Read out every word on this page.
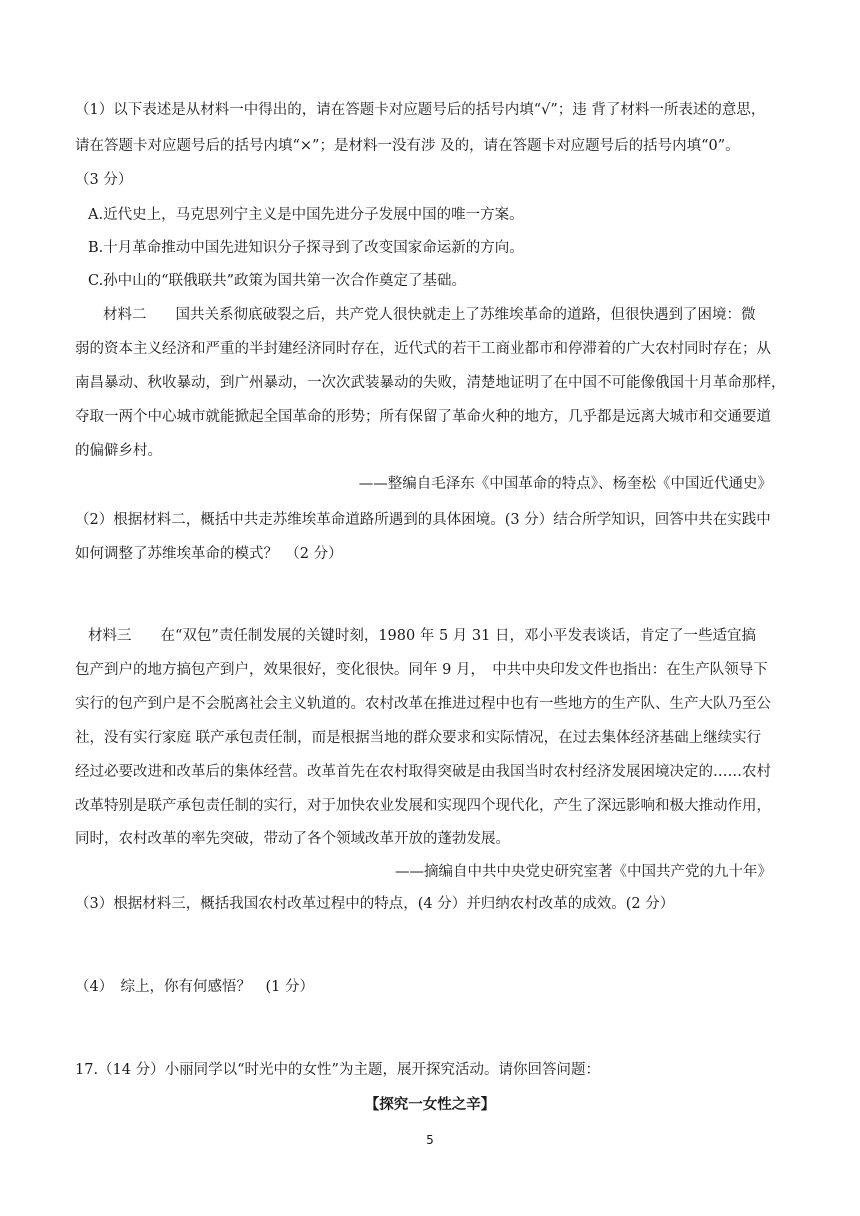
（1）以下表述是从材料一中得出的，请在答题卡对应题号后的括号内填“√”；违 背了材料一所表述的意思，
请在答题卡对应题号后的括号内填“×”；是材料一没有涉 及的，请在答题卡对应题号后的括号内填“0”。
（3 分）
A.近代史上，马克思列宁主义是中国先进分子发展中国的唯一方案。
B.十月革命推动中国先进知识分子探寻到了改变国家命运新的方向。
C.孙中山的“联俄联共”政策为国共第一次合作奠定了基础。
材料二　　国共关系彻底破裂之后，共产党人很快就走上了苏维埃革命的道路，但很快遇到了困境：微
弱的资本主义经济和严重的半封建经济同时存在，近代式的若干工商业都市和停滞着的广大农村同时存在；从
南昌暴动、秋收暴动，到广州暴动，一次次武装暴动的失败，清楚地证明了在中国不可能像俄国十月革命那样，
夺取一两个中心城市就能掀起全国革命的形势；所有保留了革命火种的地方，几乎都是远离大城市和交通要道
的偏僻乡村。
——整编自毛泽东《中国革命的特点》、杨奎松《中国近代通史》
（2）根据材料二，概括中共走苏维埃革命道路所遇到的具体困境。(3 分）结合所学知识，回答中共在实践中
如何调整了苏维埃革命的模式？　（2 分）
材料三　　在“双包”责任制发展的关键时刻，1980 年 5 月 31 日，邓小平发表谈话，肯定了一些适宜搞
包产到户的地方搞包产到户，效果很好，变化很快。同年 9 月，　中共中央印发文件也指出：在生产队领导下
实行的包产到户是不会脱离社会主义轨道的。农村改革在推进过程中也有一些地方的生产队、生产大队乃至公
社，没有实行家庭 联产承包责任制，而是根据当地的群众要求和实际情况，在过去集体经济基础上继续实行
经过必要改进和改革后的集体经营。改革首先在农村取得突破是由我国当时农村经济发展困境决定的……农村
改革特别是联产承包责任制的实行，对于加快农业发展和实现四个现代化，产生了深远影响和极大推动作用，
同时，农村改革的率先突破，带动了各个领域改革开放的蓬勃发展。
——摘编自中共中央党史研究室著《中国共产党的九十年》
（3）根据材料三，概括我国农村改革过程中的特点，(4 分）并归纳农村改革的成效。(2 分）
（4）　综上，你有何感悟？　(1 分）
17.（14 分）小丽同学以“时光中的女性”为主题，展开探究活动。请你回答问题：
【探究一女性之辛】
5
